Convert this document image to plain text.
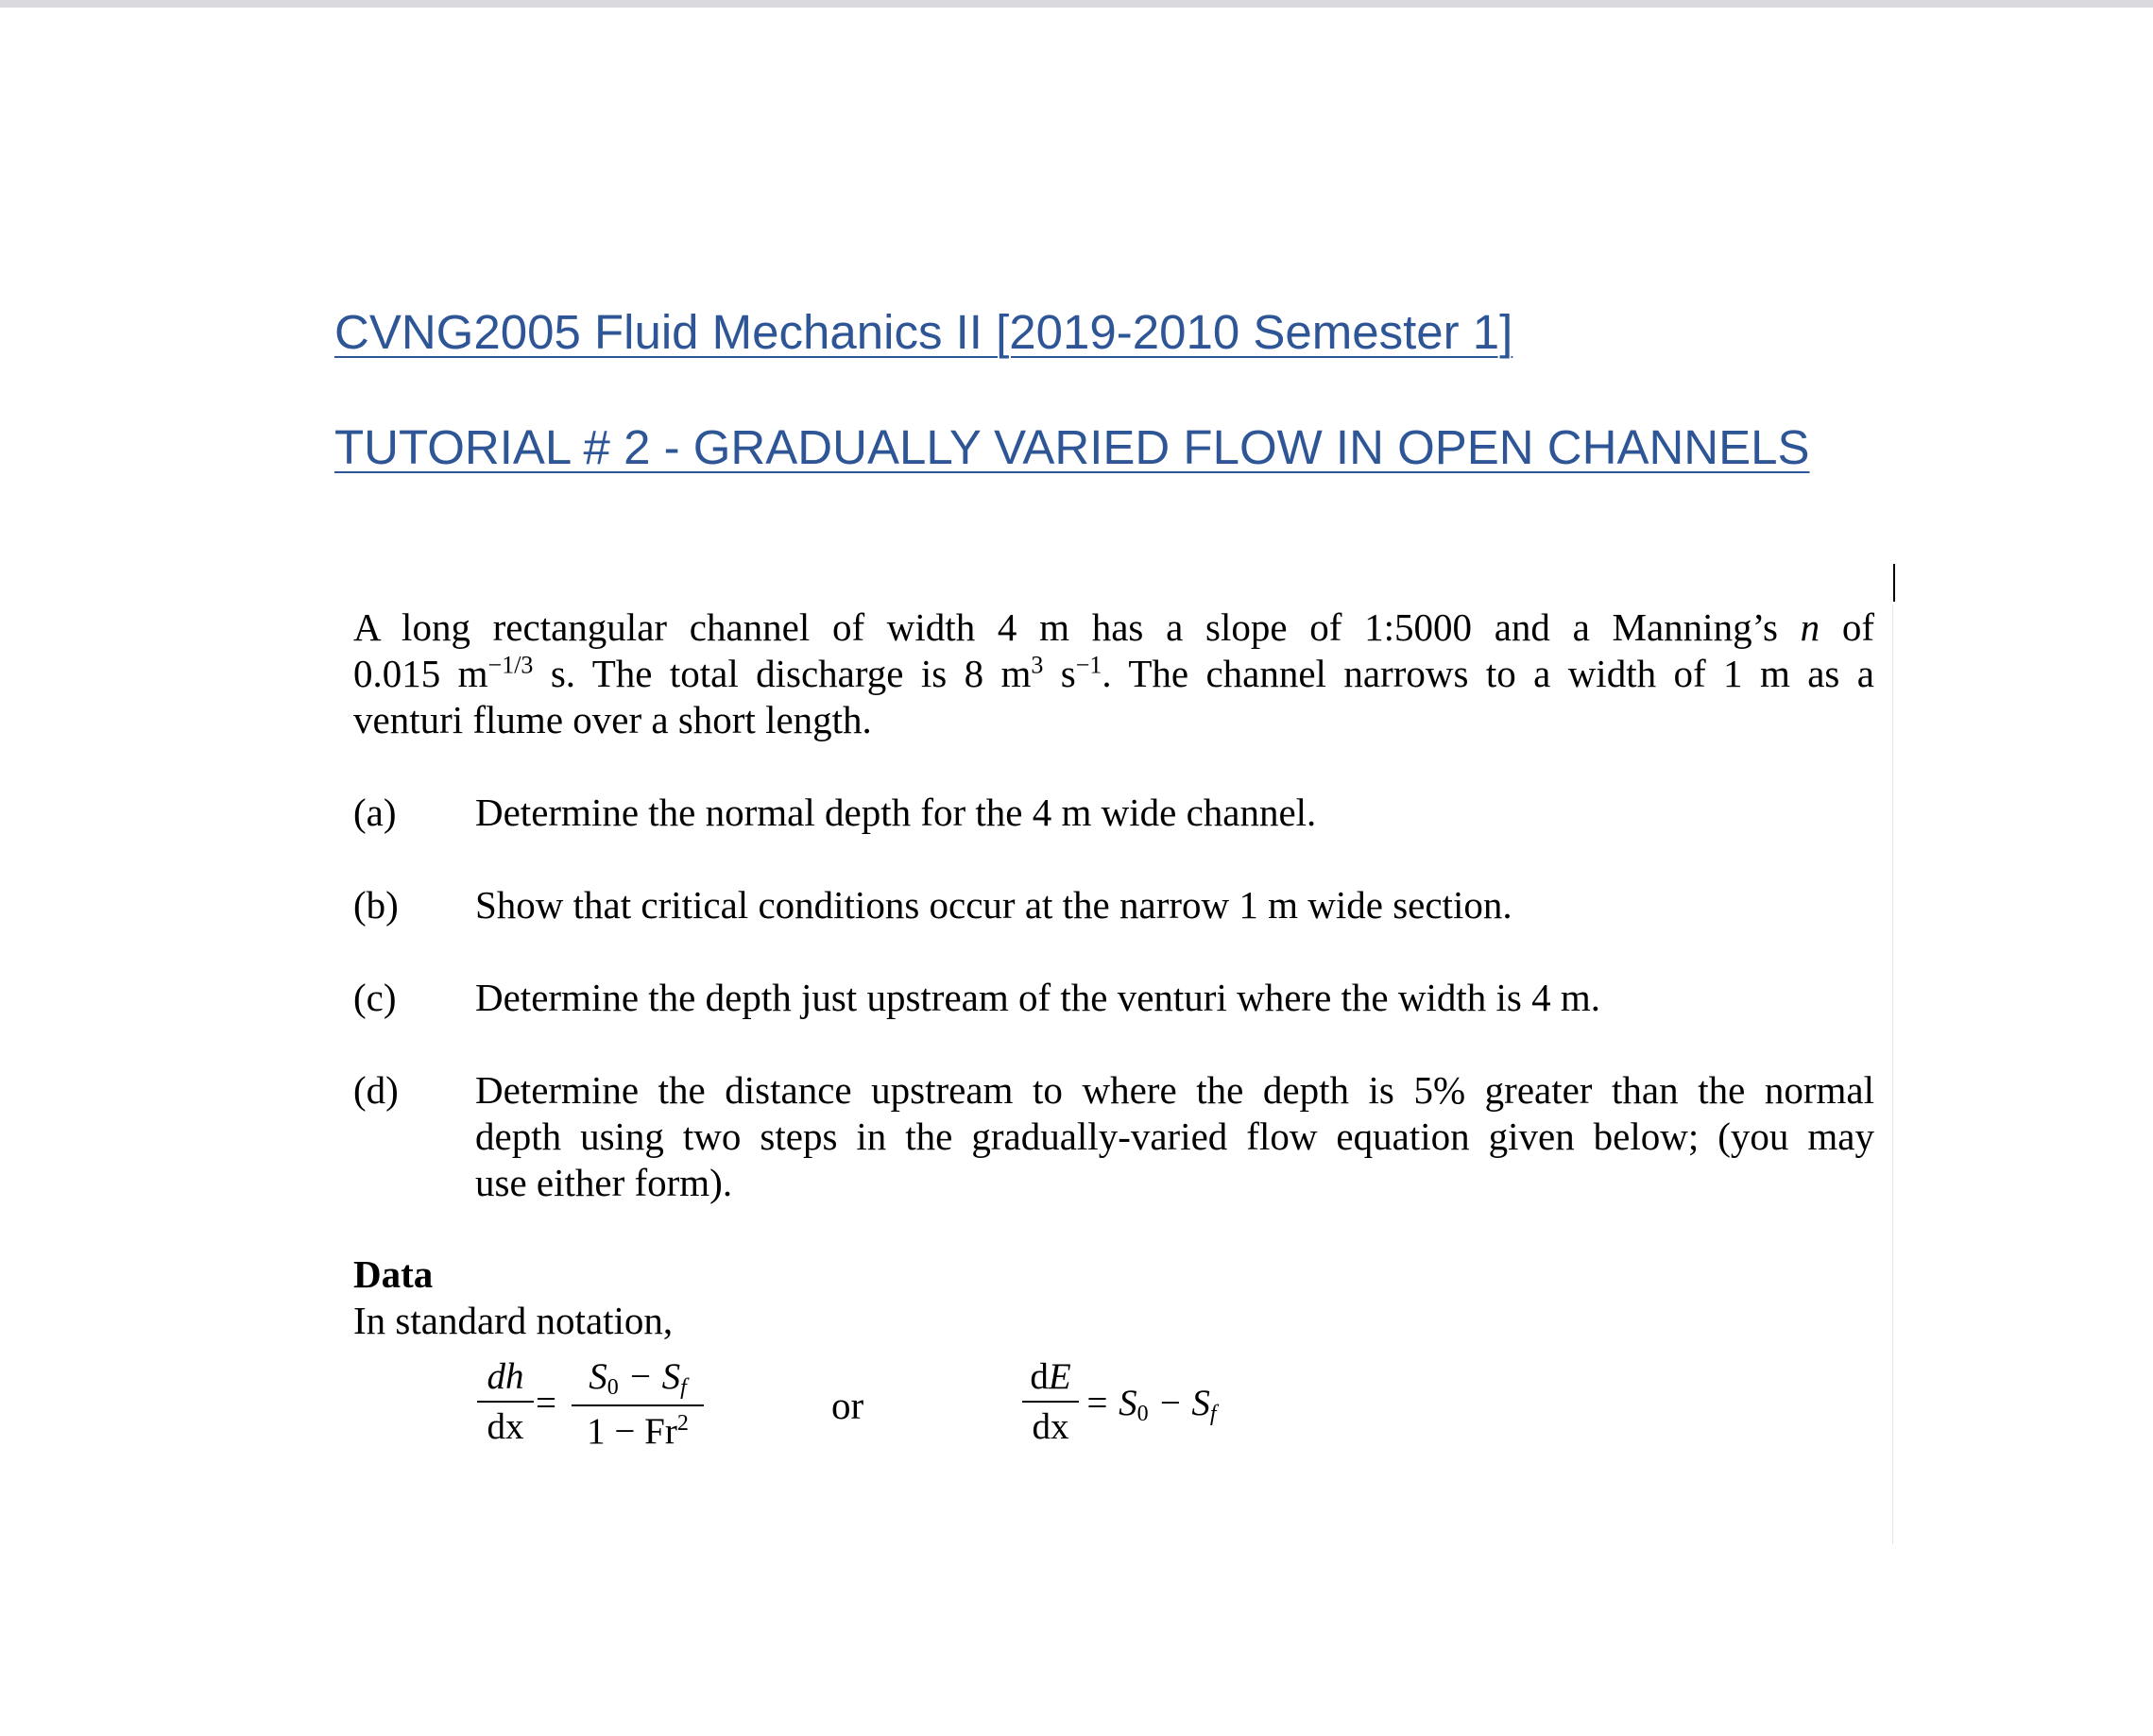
CVNG2005 Fluid Mechanics II [2019-2010 Semester 1]
TUTORIAL # 2 - GRADUALLY VARIED FLOW IN OPEN CHANNELS
A long rectangular channel of width 4 m has a slope of 1:5000 and a Manning’s n of
0.015 $m^{-1/3}$ s. The total discharge is 8 $m^3$ $s^{-1}$. The channel narrows to a width of 1 m as a
venturi flume over a short length.
(a) Determine the normal depth for the 4 m wide channel.
(b) Show that critical conditions occur at the narrow 1 m wide section.
(c) Determine the depth just upstream of the venturi where the width is 4 m.
(d) Determine the distance upstream to where the depth is 5% greater than the normal
depth using two steps in the gradually-varied flow equation given below; (you may
use either form).
Data
In standard notation,
dh
dx
=
$S_0 - S_f$
$1 - Fr^2$	or
dE
dx
= $S_0 - S_f$
